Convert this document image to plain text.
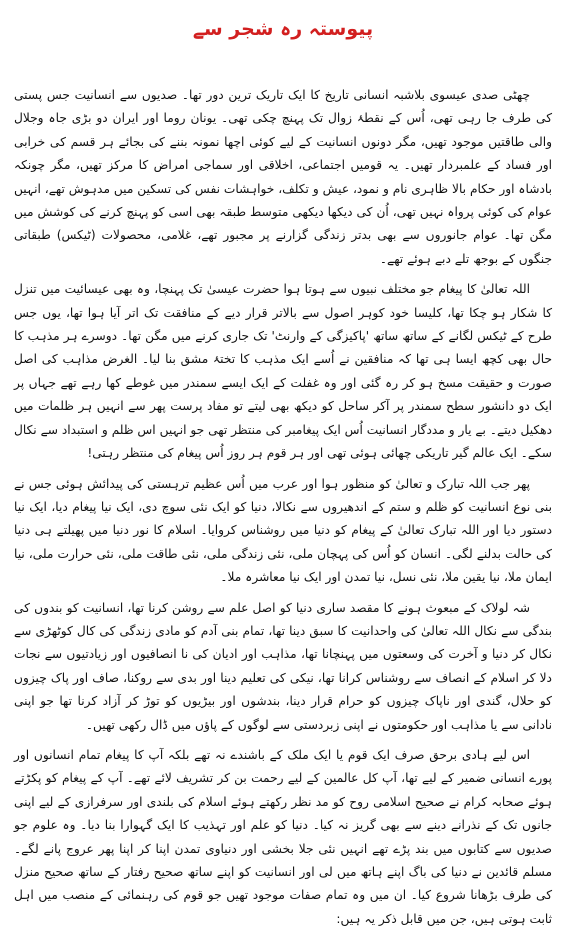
پیوستہ رہ شجر سے

چھٹی صدی عیسوی بلاشبہ انسانی تاریخ کا ایک تاریک ترین دور تھا۔ صدیوں سے انسانیت جس پستی کی طرف جا رہی تھی، اُس کے نقطۂ زوال تک پہنچ چکی تھی۔ یونان روما اور ایران دو بڑی جاہ وجلال والی طاقتیں موجود تھیں، مگر دونوں انسانیت کے لیے کوئی اچھا نمونہ بننے کی بجائے ہر قسم کی خرابی اور فساد کے علمبردار تھیں۔ یہ قومیں اجتماعی، اخلاقی اور سماجی امراض کا مرکز تھیں، مگر چونکہ بادشاہ اور حکام بالا ظاہری نام و نمود، عیش و تکلف، خواہشات نفس کی تسکین میں مدہوش تھے، انہیں عوام کی کوئی پرواہ نہیں تھی، اُن کی دیکھا دیکھی متوسط طبقہ بھی اسی کو پہنچ کرنے کی کوشش میں مگن تھا۔ عوام جانوروں سے بھی بدتر زندگی گزارنے پر مجبور تھے، غلامی، محصولات (ٹیکس) طبقاتی جنگوں کے بوجھ تلے دبے ہوئے تھے۔

اللہ تعالیٰ کا پیغام جو مختلف نبیوں سے ہوتا ہوا حضرت عیسیٰ تک پہنچا، وہ بھی عیسائیت میں تنزل کا شکار ہو چکا تھا، کلیسا خود کوہر اصول سے بالاتر قرار دیے کے منافقت تک اتر آیا ہوا تھا، یوں جس طرح کے ٹیکس لگانے کے ساتھ ساتھ 'پاکیزگی کے وارنٹ' تک جاری کرنے میں مگن تھا۔ دوسرے ہر مذہب کا حال بھی کچھ ایسا ہی تھا کہ منافقین نے اُسے ایک مذہب کا تختۂ مشق بنا لیا۔ الغرض مذاہب کی اصل صورت و حقیقت مسخ ہو کر رہ گئی اور وہ غفلت کے ایک ایسے سمندر میں غوطے کھا رہے تھے جہاں پر ایک دو دانشور سطح سمندر پر آکر ساحل کو دیکھ بھی لیتے تو مفاد پرست پھر سے انہیں ہر ظلمات میں دھکیل دیتے۔ بے یار و مددگار انسانیت اُس ایک پیغامبر کی منتظر تھی جو انہیں اس ظلم و استبداد سے نکال سکے۔ ایک عالم گیر تاریکی چھائی ہوئی تھی اور ہر قوم ہر روز اُس پیغام کی منتظر رہتی!

پھر جب اللہ تبارک و تعالیٰ کو منظور ہوا اور عرب میں اُس عظیم ترہستی کی پیدائش ہوئی جس نے بنی نوع انسانیت کو ظلم و ستم کے اندھیروں سے نکالا، دنیا کو ایک نئی سوچ دی، ایک نیا پیغام دیا، ایک نیا دستور دیا اور اللہ تبارک تعالیٰ کے پیغام کو دنیا میں روشناس کروایا۔ اسلام کا نور دنیا میں پھیلتے ہی دنیا کی حالت بدلنے لگی۔ انسان کو اُس کی پہچان ملی، نئی زندگی ملی، نئی طاقت ملی، نئی حرارت ملی، نیا ایمان ملا، نیا یقین ملا، نئی نسل، نیا تمدن اور ایک نیا معاشرہ ملا۔

شہ لولاک کے مبعوث ہونے کا مقصد ساری دنیا کو اصل علم سے روشن کرنا تھا، انسانیت کو بندوں کی بندگی سے نکال اللہ تعالیٰ کی واحدانیت کا سبق دینا تھا، تمام بنی آدم کو مادی زندگی کی کال کوٹھڑی سے نکال کر دنیا و آخرت کی وسعتوں میں پہنچانا تھا، مذاہب اور ادیان کی نا انصافیوں اور زیادتیوں سے نجات دلا کر اسلام کے انصاف سے روشناس کرانا تھا، نیکی کی تعلیم دینا اور بدی سے روکنا، صاف اور پاک چیزوں کو حلال، گندی اور ناپاک چیزوں کو حرام قرار دینا، بندشوں اور بیڑیوں کو توڑ کر آزاد کرنا تھا جو اپنی نادانی سے یا مذاہب اور حکومتوں نے اپنی زبردستی سے لوگوں کے پاؤں میں ڈال رکھی تھیں۔

اس لیے ہادی برحق صرف ایک قوم یا ایک ملک کے باشندے نہ تھے بلکہ آپ کا پیغام تمام انسانوں اور پورے انسانی ضمیر کے لیے تھا، آپ کل عالمین کے لیے رحمت بن کر تشریف لائے تھے۔ آپ کے پیغام کو پکڑتے ہوئے صحابہ کرام نے صحیح اسلامی روح کو مد نظر رکھتے ہوئے اسلام کی بلندی اور سرفرازی کے لیے اپنی جانوں تک کے نذرانے دینے سے بھی گریز نہ کیا۔ دنیا کو علم اور تہذیب کا ایک گہوارا بنا دیا۔ وہ علوم جو صدیوں سے کتابوں میں بند پڑے تھے انہیں نئی جلا بخشی اور دنیاوی تمدن اپنا کر اپنا پھر عروج پانے لگے۔ مسلم قائدین نے دنیا کی باگ اپنے ہاتھ میں لی اور انسانیت کو اپنے ساتھ صحیح رفتار کے ساتھ صحیح منزل کی طرف بڑھانا شروع کیا۔ ان میں وہ تمام صفات موجود تھیں جو قوم کی رہنمائی کے منصب میں اہل ثابت ہوتی ہیں، جن میں قابل ذکر یہ ہیں:
